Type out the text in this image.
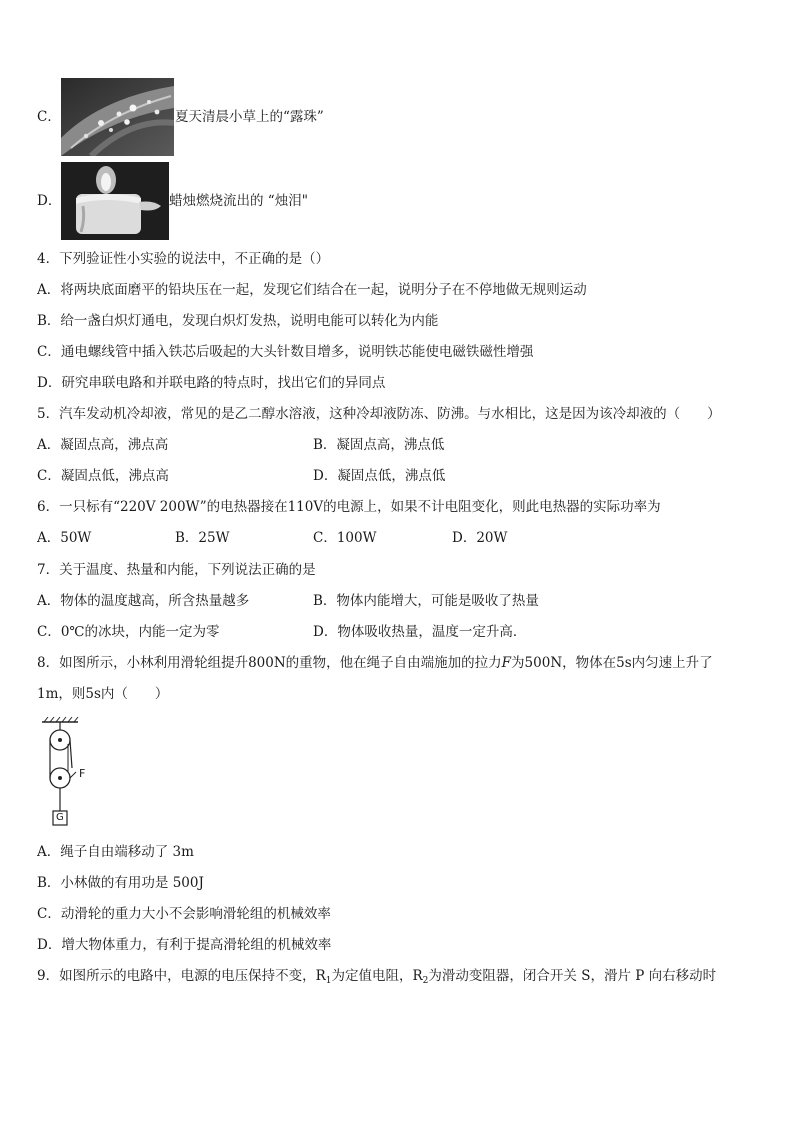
C．	夏天清晨小草上的“露珠”
D．	蜡烛燃烧流出的 “烛泪"
4．下列验证性小实验的说法中，不正确的是（）
A．将两块底面磨平的铅块压在一起，发现它们结合在一起，说明分子在不停地做无规则运动
B．给一盏白炽灯通电，发现白炽灯发热，说明电能可以转化为内能
C．通电螺线管中插入铁芯后吸起的大头针数目增多，说明铁芯能使电磁铁磁性增强
D．研究串联电路和并联电路的特点时，找出它们的异同点
5．汽车发动机冷却液，常见的是乙二醇水溶液，这种冷却液防冻、防沸。与水相比，这是因为该冷却液的（　　）
A．凝固点高，沸点高	B．凝固点高，沸点低
C．凝固点低，沸点高	D．凝固点低，沸点低
6．一只标有“220V 200W”的电热器接在110V的电源上，如果不计电阻变化，则此电热器的实际功率为
A．50W	B．25W	C．100W	D．20W
7．关于温度、热量和内能，下列说法正确的是
A．物体的温度越高，所含热量越多	B．物体内能增大，可能是吸收了热量
C．0℃的冰块，内能一定为零	D．物体吸收热量，温度一定升高．
8．如图所示，小林利用滑轮组提升800N的重物，他在绳子自由端施加的拉力F为500N，物体在5s内匀速上升了
1m，则5s内（　　）
F
G
A．绳子自由端移动了 3m
B．小林做的有用功是 500J
C．动滑轮的重力大小不会影响滑轮组的机械效率
D．增大物体重力，有利于提高滑轮组的机械效率
9．如图所示的电路中，电源的电压保持不变，$R_1$为定值电阻，$R_2$为滑动变阻器，闭合开关 S，滑片 P 向右移动时
